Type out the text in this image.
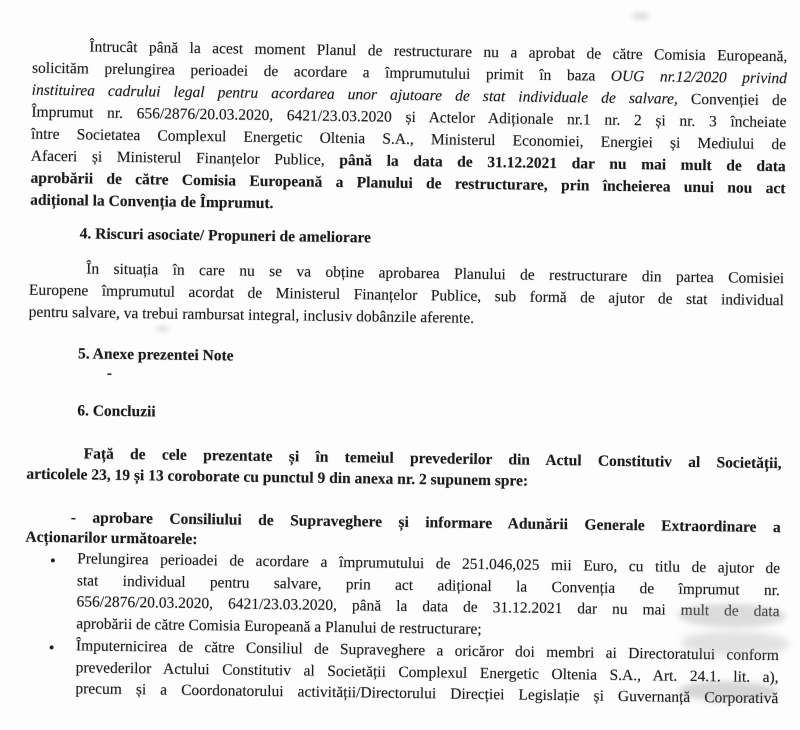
Întrucât până la acest moment Planul de restructurare nu a aprobat de către Comisia Europeană,
solicităm prelungirea perioadei de acordare a împrumutului primit în baza OUG nr.12/2020 privind
instituirea cadrului legal pentru acordarea unor ajutoare de stat individuale de salvare, Convenției de
Împrumut nr. 656/2876/20.03.2020, 6421/23.03.2020 și Actelor Adiționale nr.1 nr. 2 și nr. 3 încheiate
între Societatea Complexul Energetic Oltenia S.A., Ministerul Economiei, Energiei și Mediului de
Afaceri și Ministerul Finanțelor Publice, până la data de 31.12.2021 dar nu mai mult de data
aprobării de către Comisia Europeană a Planului de restructurare, prin încheierea unui nou act
adițional la Convenția de Împrumut.
4. Riscuri asociate/ Propuneri de ameliorare
În situația în care nu se va obține aprobarea Planului de restructurare din partea Comisiei
Europene împrumutul acordat de Ministerul Finanțelor Publice, sub formă de ajutor de stat individual
pentru salvare, va trebui rambursat integral, inclusiv dobânzile aferente.
5. Anexe prezentei Note
-
6. Concluzii
Față de cele prezentate și în temeiul prevederilor din Actul Constitutiv al Societății,
articolele 23, 19 și 13 coroborate cu punctul 9 din anexa nr. 2 supunem spre:
- aprobare Consiliului de Supraveghere și informare Adunării Generale Extraordinare a
Acționarilor următoarele:
● Prelungirea perioadei de acordare a împrumutului de 251.046,025 mii Euro, cu titlu de ajutor de
stat individual pentru salvare, prin act adițional la Convenția de împrumut nr.
656/2876/20.03.2020, 6421/23.03.2020, până la data de 31.12.2021 dar nu mai mult de data
aprobării de către Comisia Europeană a Planului de restructurare;
● Împuternicirea de către Consiliul de Supraveghere a oricăror doi membri ai Directoratului conform
prevederilor Actului Constitutiv al Societății Complexul Energetic Oltenia S.A., Art. 24.1. lit. a),
precum și a Coordonatorului activității/Directorului Direcției Legislație și Guvernanță Corporativă
